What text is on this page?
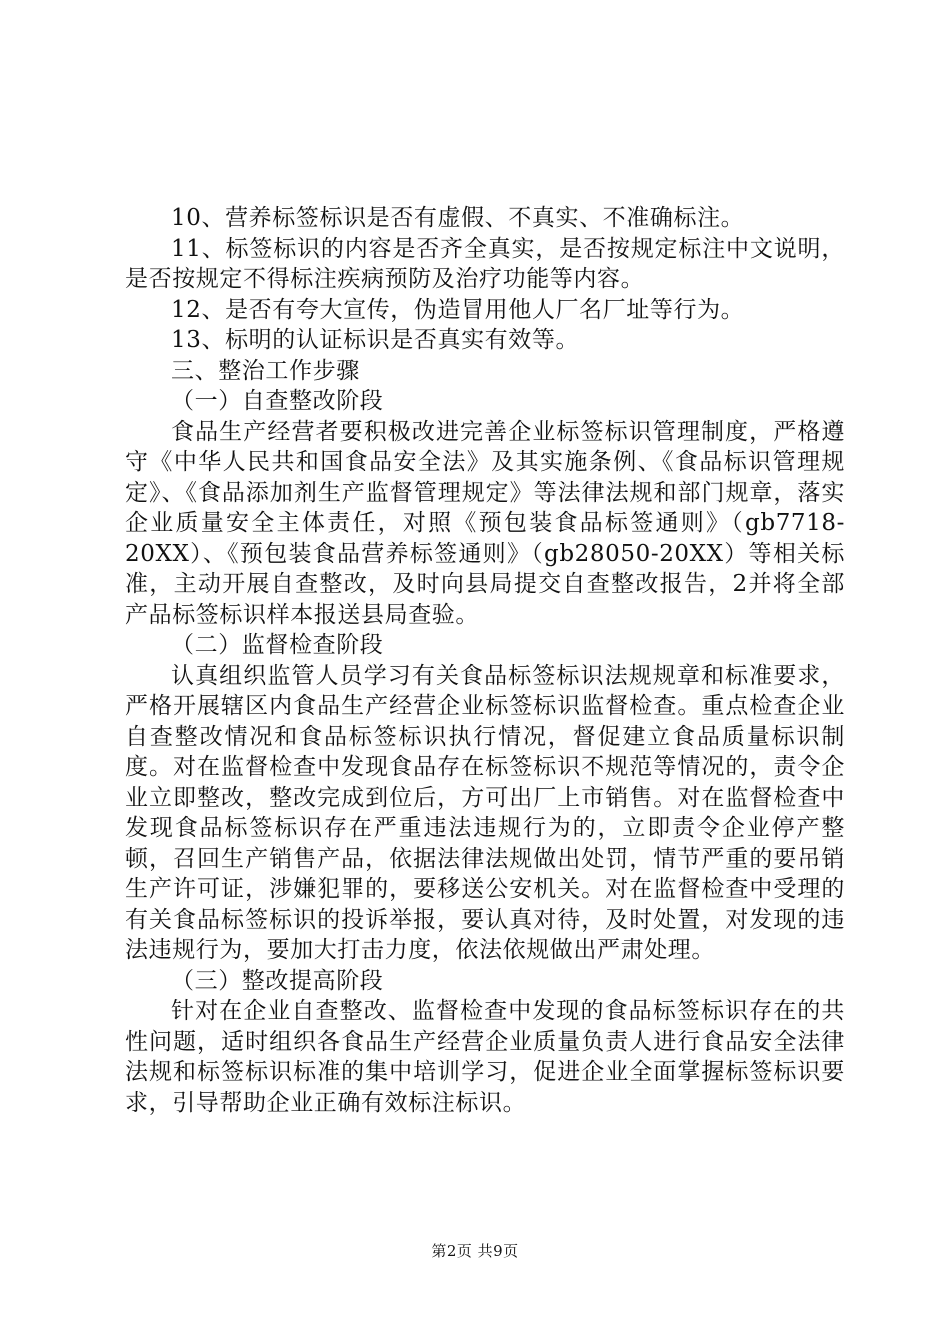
10、营养标签标识是否有虚假、不真实、不准确标注。

11、标签标识的内容是否齐全真实，是否按规定标注中文说明，是否按规定不得标注疾病预防及治疗功能等内容。

12、是否有夸大宣传，伪造冒用他人厂名厂址等行为。

13、标明的认证标识是否真实有效等。

三、整治工作步骤

（一）自查整改阶段

食品生产经营者要积极改进完善企业标签标识管理制度，严格遵守《中华人民共和国食品安全法》及其实施条例、《食品标识管理规定》、《食品添加剂生产监督管理规定》等法律法规和部门规章，落实企业质量安全主体责任，对照《预包装食品标签通则》（gb7718-20XX）、《预包装食品营养标签通则》（gb28050-20XX）等相关标准，主动开展自查整改，及时向县局提交自查整改报告，2并将全部产品标签标识样本报送县局查验。

（二）监督检查阶段

认真组织监管人员学习有关食品标签标识法规规章和标准要求，严格开展辖区内食品生产经营企业标签标识监督检查。重点检查企业自查整改情况和食品标签标识执行情况，督促建立食品质量标识制度。对在监督检查中发现食品存在标签标识不规范等情况的，责令企业立即整改，整改完成到位后，方可出厂上市销售。对在监督检查中发现食品标签标识存在严重违法违规行为的，立即责令企业停产整顿，召回生产销售产品，依据法律法规做出处罚，情节严重的要吊销生产许可证，涉嫌犯罪的，要移送公安机关。对在监督检查中受理的有关食品标签标识的投诉举报，要认真对待，及时处置，对发现的违法违规行为，要加大打击力度，依法依规做出严肃处理。

（三）整改提高阶段

针对在企业自查整改、监督检查中发现的食品标签标识存在的共性问题，适时组织各食品生产经营企业质量负责人进行食品安全法律法规和标签标识标准的集中培训学习，促进企业全面掌握标签标识要求，引导帮助企业正确有效标注标识。

第2页 共9页
